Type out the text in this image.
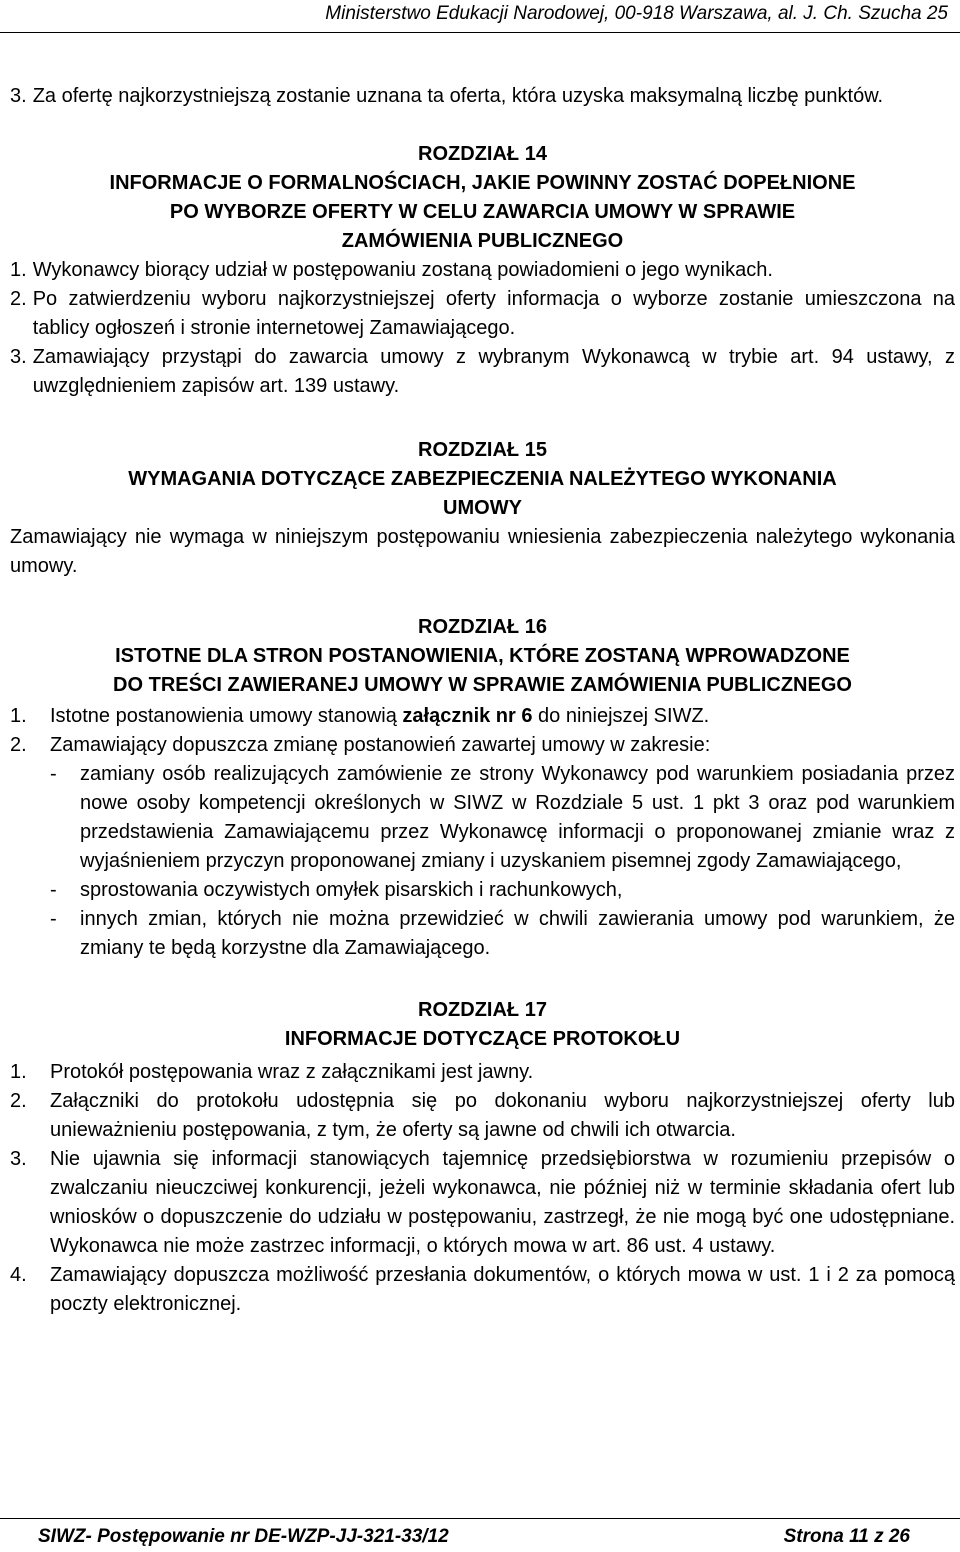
Ministerstwo Edukacji Narodowej, 00-918 Warszawa, al. J. Ch. Szucha 25
3. Za ofertę najkorzystniejszą zostanie uznana ta oferta, która uzyska maksymalną liczbę punktów.
ROZDZIAŁ 14
INFORMACJE O FORMALNOŚCIACH, JAKIE POWINNY ZOSTAĆ DOPEŁNIONE
PO WYBORZE OFERTY W CELU ZAWARCIA UMOWY W SPRAWIE
ZAMÓWIENIA PUBLICZNEGO
1. Wykonawcy biorący udział w postępowaniu zostaną powiadomieni o jego wynikach.
2. Po zatwierdzeniu wyboru najkorzystniejszej oferty informacja o wyborze zostanie umieszczona na tablicy ogłoszeń i stronie internetowej Zamawiającego.
3. Zamawiający przystąpi do zawarcia umowy z wybranym Wykonawcą w trybie art. 94 ustawy, z uwzględnieniem zapisów art. 139 ustawy.
ROZDZIAŁ 15
WYMAGANIA DOTYCZĄCE ZABEZPIECZENIA NALEŻYTEGO WYKONANIA
UMOWY
Zamawiający nie wymaga w niniejszym postępowaniu wniesienia zabezpieczenia należytego wykonania umowy.
ROZDZIAŁ 16
ISTOTNE DLA STRON POSTANOWIENIA, KTÓRE ZOSTANĄ WPROWADZONE
DO TREŚCI ZAWIERANEJ UMOWY W SPRAWIE ZAMÓWIENIA PUBLICZNEGO
1.	Istotne postanowienia umowy stanowią załącznik nr 6 do niniejszej SIWZ.
2.	Zamawiający dopuszcza zmianę postanowień zawartej umowy w zakresie:
-	zamiany osób realizujących zamówienie ze strony Wykonawcy pod warunkiem posiadania przez nowe osoby kompetencji określonych w SIWZ w Rozdziale 5 ust. 1 pkt 3 oraz pod warunkiem przedstawienia Zamawiającemu przez Wykonawcę informacji o proponowanej zmianie wraz z wyjaśnieniem przyczyn proponowanej zmiany i uzyskaniem pisemnej zgody Zamawiającego,
-	sprostowania oczywistych omyłek pisarskich i rachunkowych,
-	innych zmian, których nie można przewidzieć w chwili zawierania umowy pod warunkiem, że zmiany te będą korzystne dla Zamawiającego.
ROZDZIAŁ 17
INFORMACJE DOTYCZĄCE PROTOKOŁU
1.	Protokół postępowania wraz z załącznikami jest jawny.
2.	Załączniki do protokołu udostępnia się po dokonaniu wyboru najkorzystniejszej oferty lub unieważnieniu postępowania, z tym, że oferty są jawne od chwili ich otwarcia.
3.	Nie ujawnia się informacji stanowiących tajemnicę przedsiębiorstwa w rozumieniu przepisów o zwalczaniu nieuczciwej konkurencji, jeżeli wykonawca, nie później niż w terminie składania ofert lub wniosków o dopuszczenie do udziału w postępowaniu, zastrzegł, że nie mogą być one udostępniane. Wykonawca nie może zastrzec informacji, o których mowa w art. 86 ust. 4 ustawy.
4.	Zamawiający dopuszcza możliwość przesłania dokumentów, o których mowa w ust. 1 i 2 za pomocą poczty elektronicznej.
SIWZ- Postępowanie nr DE-WZP-JJ-321-33/12	Strona 11 z 26
